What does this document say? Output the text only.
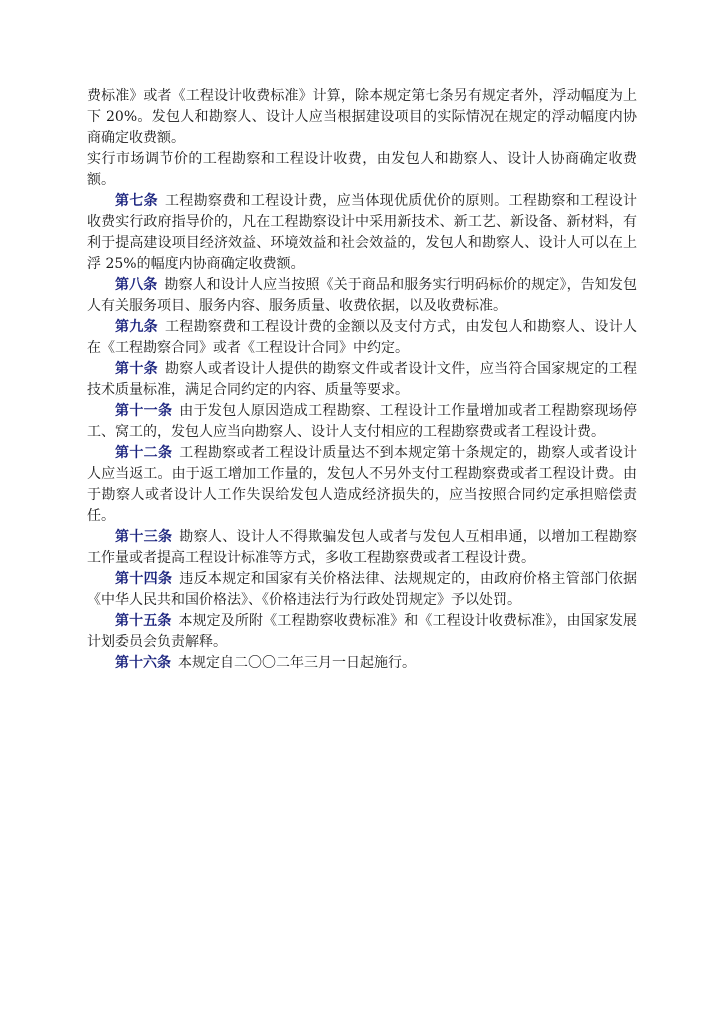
费标准》或者《工程设计收费标准》计算，除本规定第七条另有规定者外，浮动幅度为上下 20%。发包人和勘察人、设计人应当根据建设项目的实际情况在规定的浮动幅度内协商确定收费额。

实行市场调节价的工程勘察和工程设计收费，由发包人和勘察人、设计人协商确定收费额。

第七条 工程勘察费和工程设计费，应当体现优质优价的原则。工程勘察和工程设计收费实行政府指导价的，凡在工程勘察设计中采用新技术、新工艺、新设备、新材料，有利于提高建设项目经济效益、环境效益和社会效益的，发包人和勘察人、设计人可以在上浮 25%的幅度内协商确定收费额。

第八条 勘察人和设计人应当按照《关于商品和服务实行明码标价的规定》，告知发包人有关服务项目、服务内容、服务质量、收费依据，以及收费标准。

第九条 工程勘察费和工程设计费的金额以及支付方式，由发包人和勘察人、设计人在《工程勘察合同》或者《工程设计合同》中约定。

第十条 勘察人或者设计人提供的勘察文件或者设计文件，应当符合国家规定的工程技术质量标准，满足合同约定的内容、质量等要求。

第十一条 由于发包人原因造成工程勘察、工程设计工作量增加或者工程勘察现场停工、窝工的，发包人应当向勘察人、设计人支付相应的工程勘察费或者工程设计费。

第十二条 工程勘察或者工程设计质量达不到本规定第十条规定的，勘察人或者设计人应当返工。由于返工增加工作量的，发包人不另外支付工程勘察费或者工程设计费。由于勘察人或者设计人工作失误给发包人造成经济损失的，应当按照合同约定承担赔偿责任。

第十三条 勘察人、设计人不得欺骗发包人或者与发包人互相串通，以增加工程勘察工作量或者提高工程设计标准等方式，多收工程勘察费或者工程设计费。

第十四条 违反本规定和国家有关价格法律、法规规定的，由政府价格主管部门依据《中华人民共和国价格法》、《价格违法行为行政处罚规定》予以处罚。

第十五条 本规定及所附《工程勘察收费标准》和《工程设计收费标准》，由国家发展计划委员会负责解释。

第十六条 本规定自二〇〇二年三月一日起施行。
